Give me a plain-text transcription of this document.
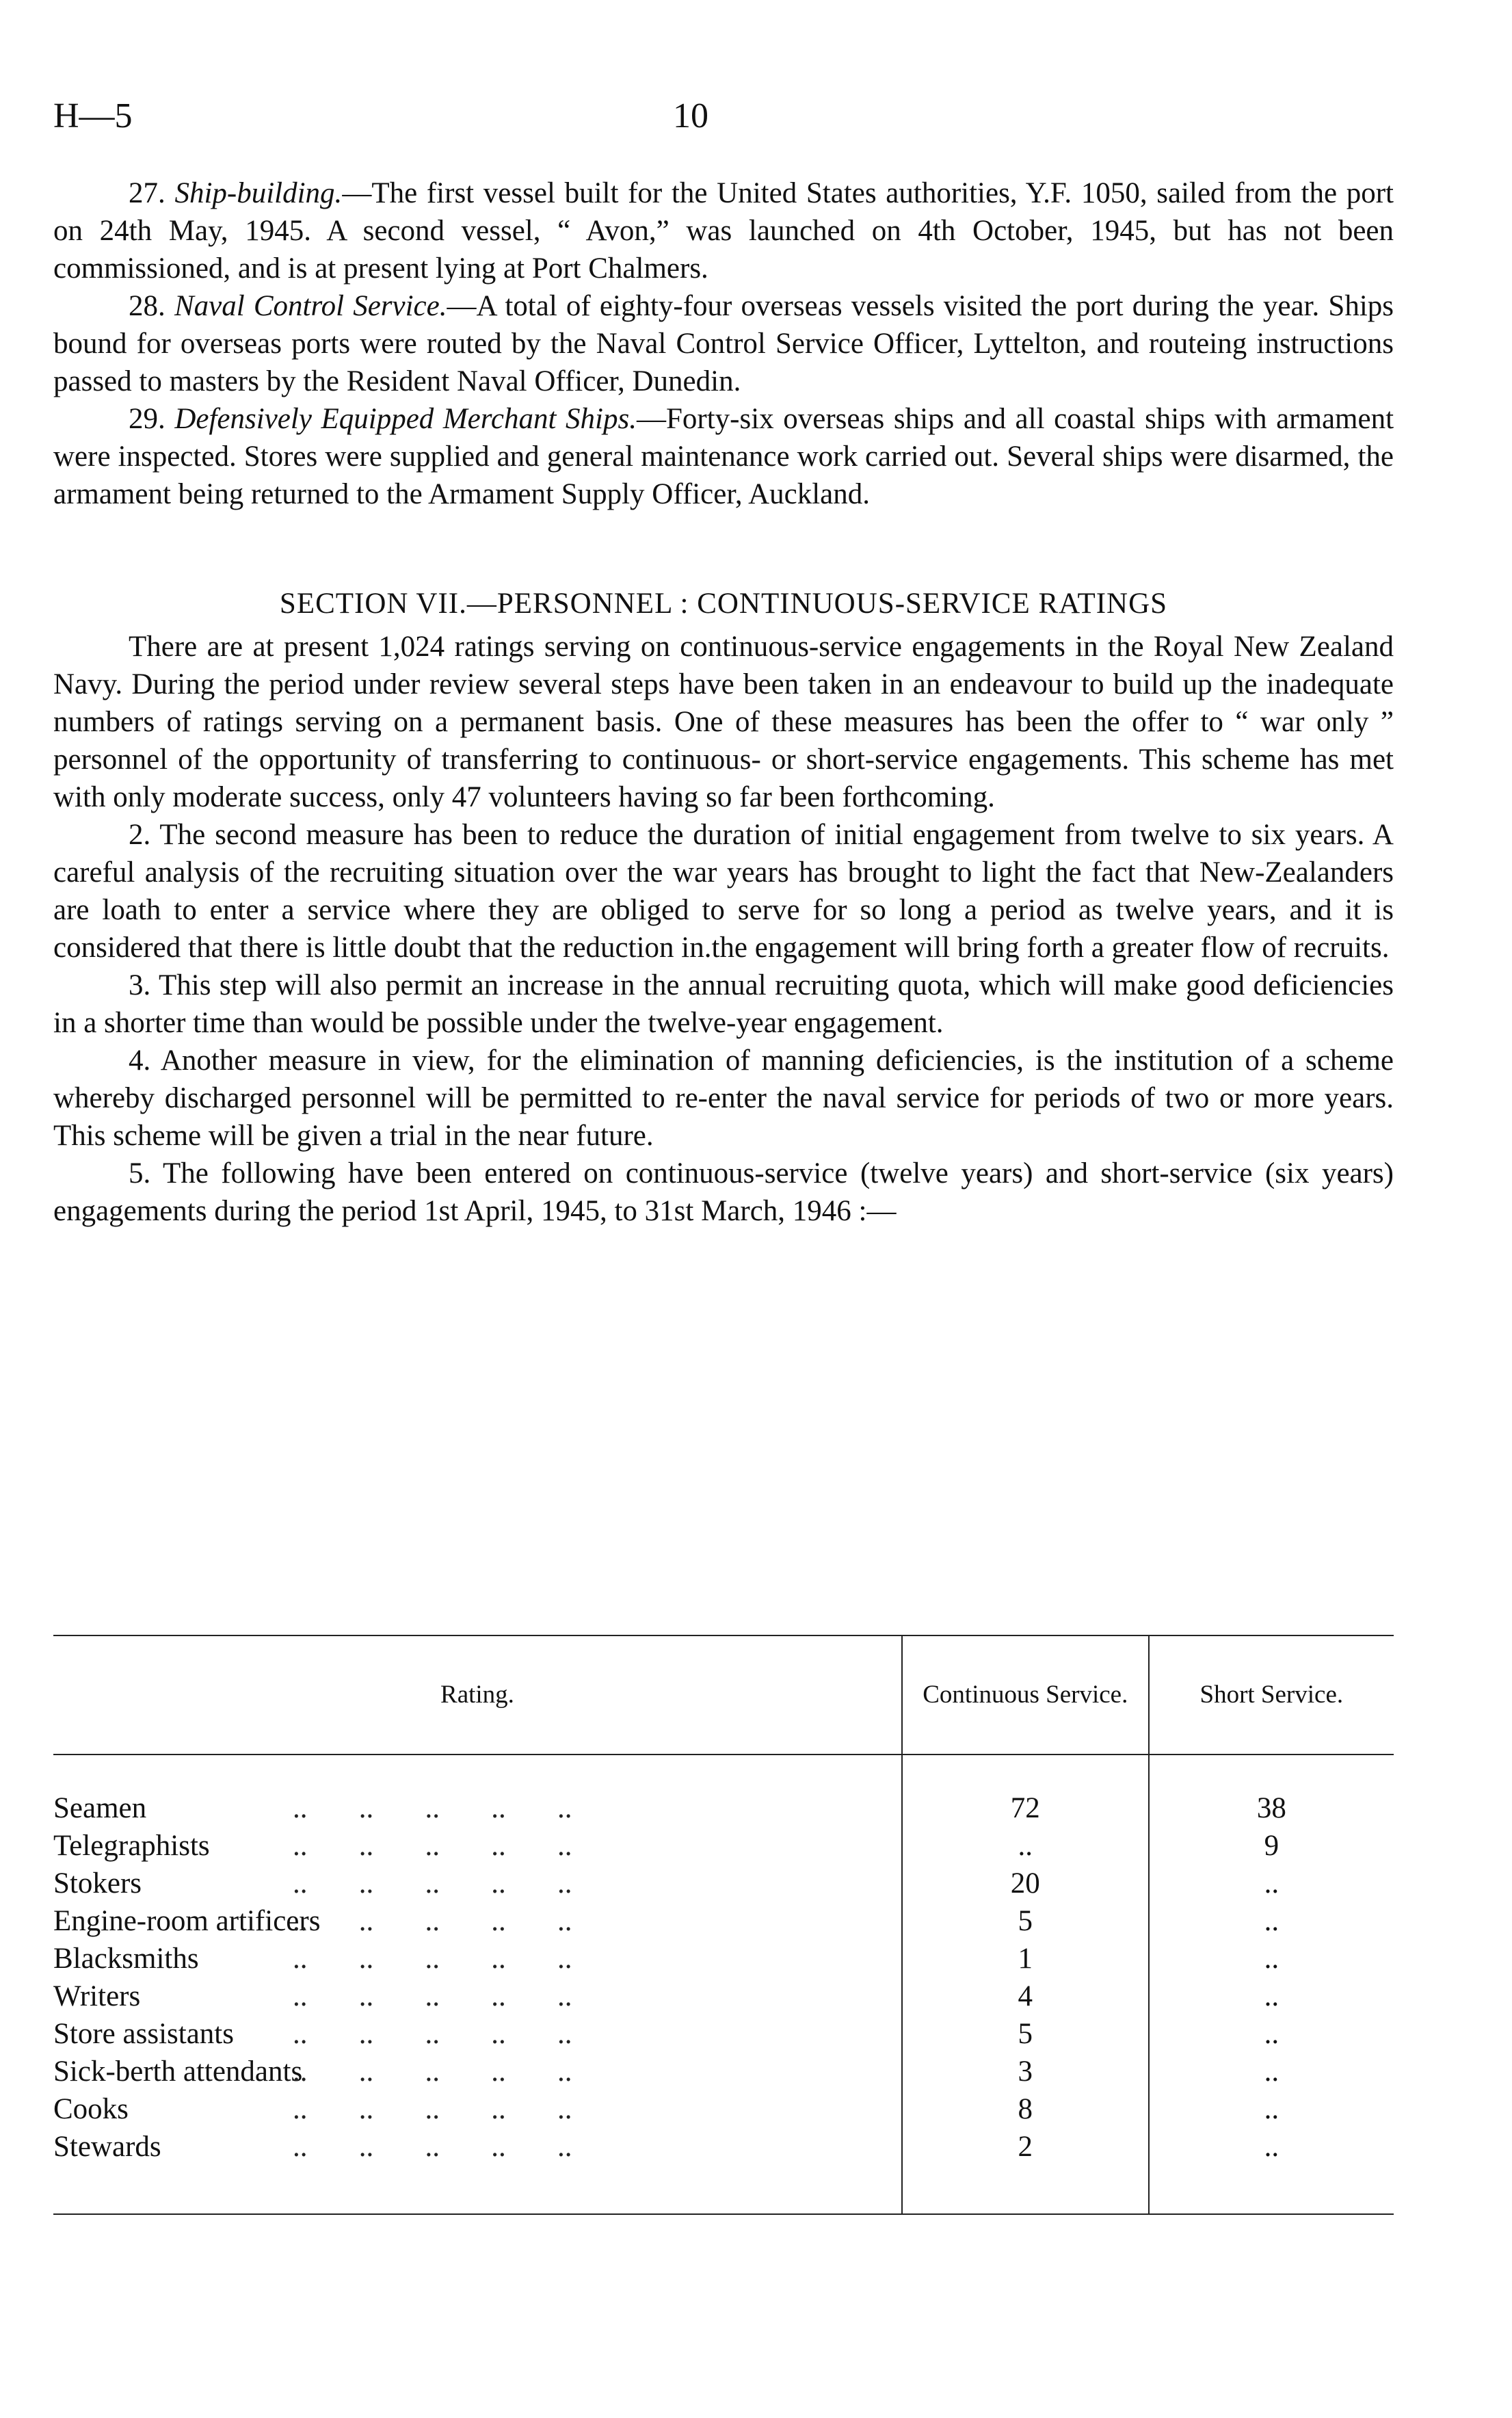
H—5	10

27. Ship-building.—The first vessel built for the United States authorities, Y.F. 1050, sailed from the port on 24th May, 1945. A second vessel, “ Avon,” was launched on 4th October, 1945, but has not been commissioned, and is at present lying at Port Chalmers.

28. Naval Control Service.—A total of eighty-four overseas vessels visited the port during the year. Ships bound for overseas ports were routed by the Naval Control Service Officer, Lyttelton, and routeing instructions passed to masters by the Resident Naval Officer, Dunedin.

29. Defensively Equipped Merchant Ships.—Forty-six overseas ships and all coastal ships with armament were inspected. Stores were supplied and general maintenance work carried out. Several ships were disarmed, the armament being returned to the Armament Supply Officer, Auckland.

SECTION VII.—PERSONNEL : CONTINUOUS-SERVICE RATINGS

There are at present 1,024 ratings serving on continuous-service engagements in the Royal New Zealand Navy. During the period under review several steps have been taken in an endeavour to build up the inadequate numbers of ratings serving on a permanent basis. One of these measures has been the offer to “ war only ” personnel of the opportunity of transferring to continuous- or short-service engagements. This scheme has met with only moderate success, only 47 volunteers having so far been forthcoming.

2. The second measure has been to reduce the duration of initial engagement from twelve to six years. A careful analysis of the recruiting situation over the war years has brought to light the fact that New-Zealanders are loath to enter a service where they are obliged to serve for so long a period as twelve years, and it is considered that there is little doubt that the reduction in.the engagement will bring forth a greater flow of recruits.

3. This step will also permit an increase in the annual recruiting quota, which will make good deficiencies in a shorter time than would be possible under the twelve-year engagement.

4. Another measure in view, for the elimination of manning deficiencies, is the institution of a scheme whereby discharged personnel will be permitted to re-enter the naval service for periods of two or more years. This scheme will be given a trial in the near future.

5. The following have been entered on continuous-service (twelve years) and short-service (six years) engagements during the period 1st April, 1945, to 31st March, 1946 :—

Rating.	Continuous Service.	Short Service.

..       ..       ..       ..       ..
Seamen	72	38

..       ..       ..       ..       ..
Telegraphists	..	9

..       ..       ..       ..       ..
Stokers	20	..

..       ..       ..       ..       ..
Engine-room artificers	5	..

..       ..       ..       ..       ..
Blacksmiths	1	..

..       ..       ..       ..       ..
Writers	4	..

..       ..       ..       ..       ..
Store assistants	5	..

..       ..       ..       ..       ..
Sick-berth attendants	3	..

..       ..       ..       ..       ..
Cooks	8	..

..       ..       ..       ..       ..
Stewards	2	..
